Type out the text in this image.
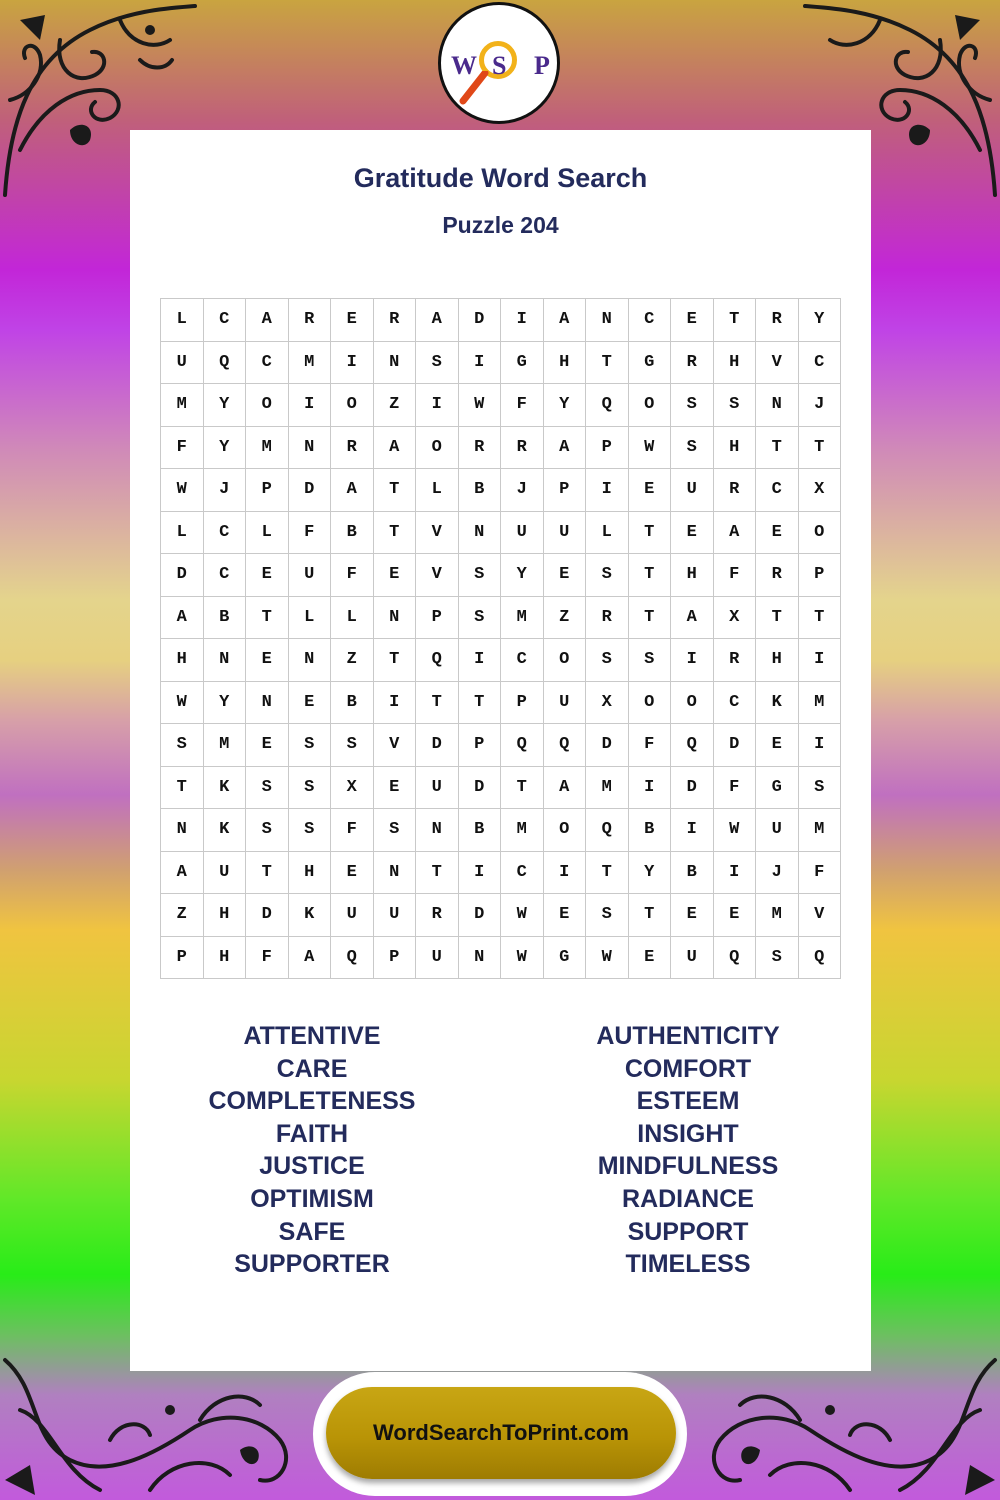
W S P
Gratitude Word Search
Puzzle 204
L	C	A	R	E	R	A	D	I	A	N	C	E	T	R	Y
U	Q	C	M	I	N	S	I	G	H	T	G	R	H	V	C
M	Y	O	I	O	Z	I	W	F	Y	Q	O	S	S	N	J
F	Y	M	N	R	A	O	R	R	A	P	W	S	H	T	T
W	J	P	D	A	T	L	B	J	P	I	E	U	R	C	X
L	C	L	F	B	T	V	N	U	U	L	T	E	A	E	O
D	C	E	U	F	E	V	S	Y	E	S	T	H	F	R	P
A	B	T	L	L	N	P	S	M	Z	R	T	A	X	T	T
H	N	E	N	Z	T	Q	I	C	O	S	S	I	R	H	I
W	Y	N	E	B	I	T	T	P	U	X	O	O	C	K	M
S	M	E	S	S	V	D	P	Q	Q	D	F	Q	D	E	I
T	K	S	S	X	E	U	D	T	A	M	I	D	F	G	S
N	K	S	S	F	S	N	B	M	O	Q	B	I	W	U	M
A	U	T	H	E	N	T	I	C	I	T	Y	B	I	J	F
Z	H	D	K	U	U	R	D	W	E	S	T	E	E	M	V
P	H	F	A	Q	P	U	N	W	G	W	E	U	Q	S	Q
ATTENTIVE
CARE
COMPLETENESS
FAITH
JUSTICE
OPTIMISM
SAFE
SUPPORTER
AUTHENTICITY
COMFORT
ESTEEM
INSIGHT
MINDFULNESS
RADIANCE
SUPPORT
TIMELESS
WordSearchToPrint.com
